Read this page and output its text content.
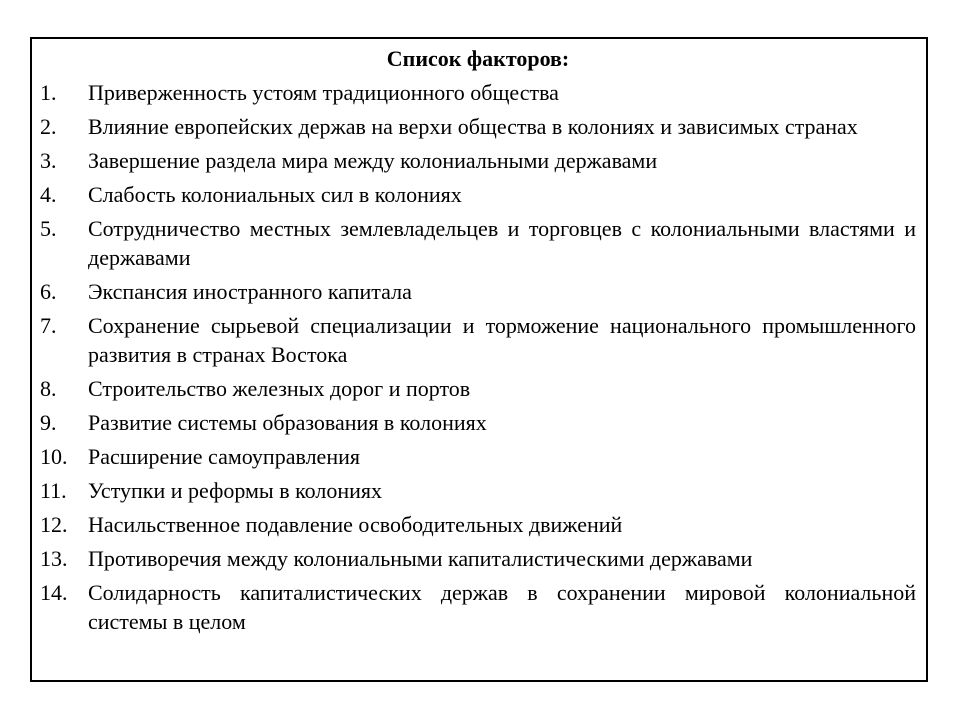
Список факторов:
1.	Приверженность устоям традиционного общества
2.	Влияние европейских держав на верхи общества в колониях и зависимых странах
3.	Завершение раздела мира между колониальными державами
4.	Слабость колониальных сил в колониях
5.	Сотрудничество местных землевладельцев и торговцев с колониальными властями и державами
6.	Экспансия иностранного капитала
7.	Сохранение сырьевой специализации и торможение национального промышленного развития в странах Востока
8.	Строительство железных дорог и портов
9.	Развитие системы образования в колониях
10. Расширение самоуправления
11. Уступки и реформы в колониях
12. Насильственное подавление освободительных движений
13. Противоречия между колониальными капиталистическими державами
14. Солидарность капиталистических держав в сохранении мировой колониальной системы в целом
